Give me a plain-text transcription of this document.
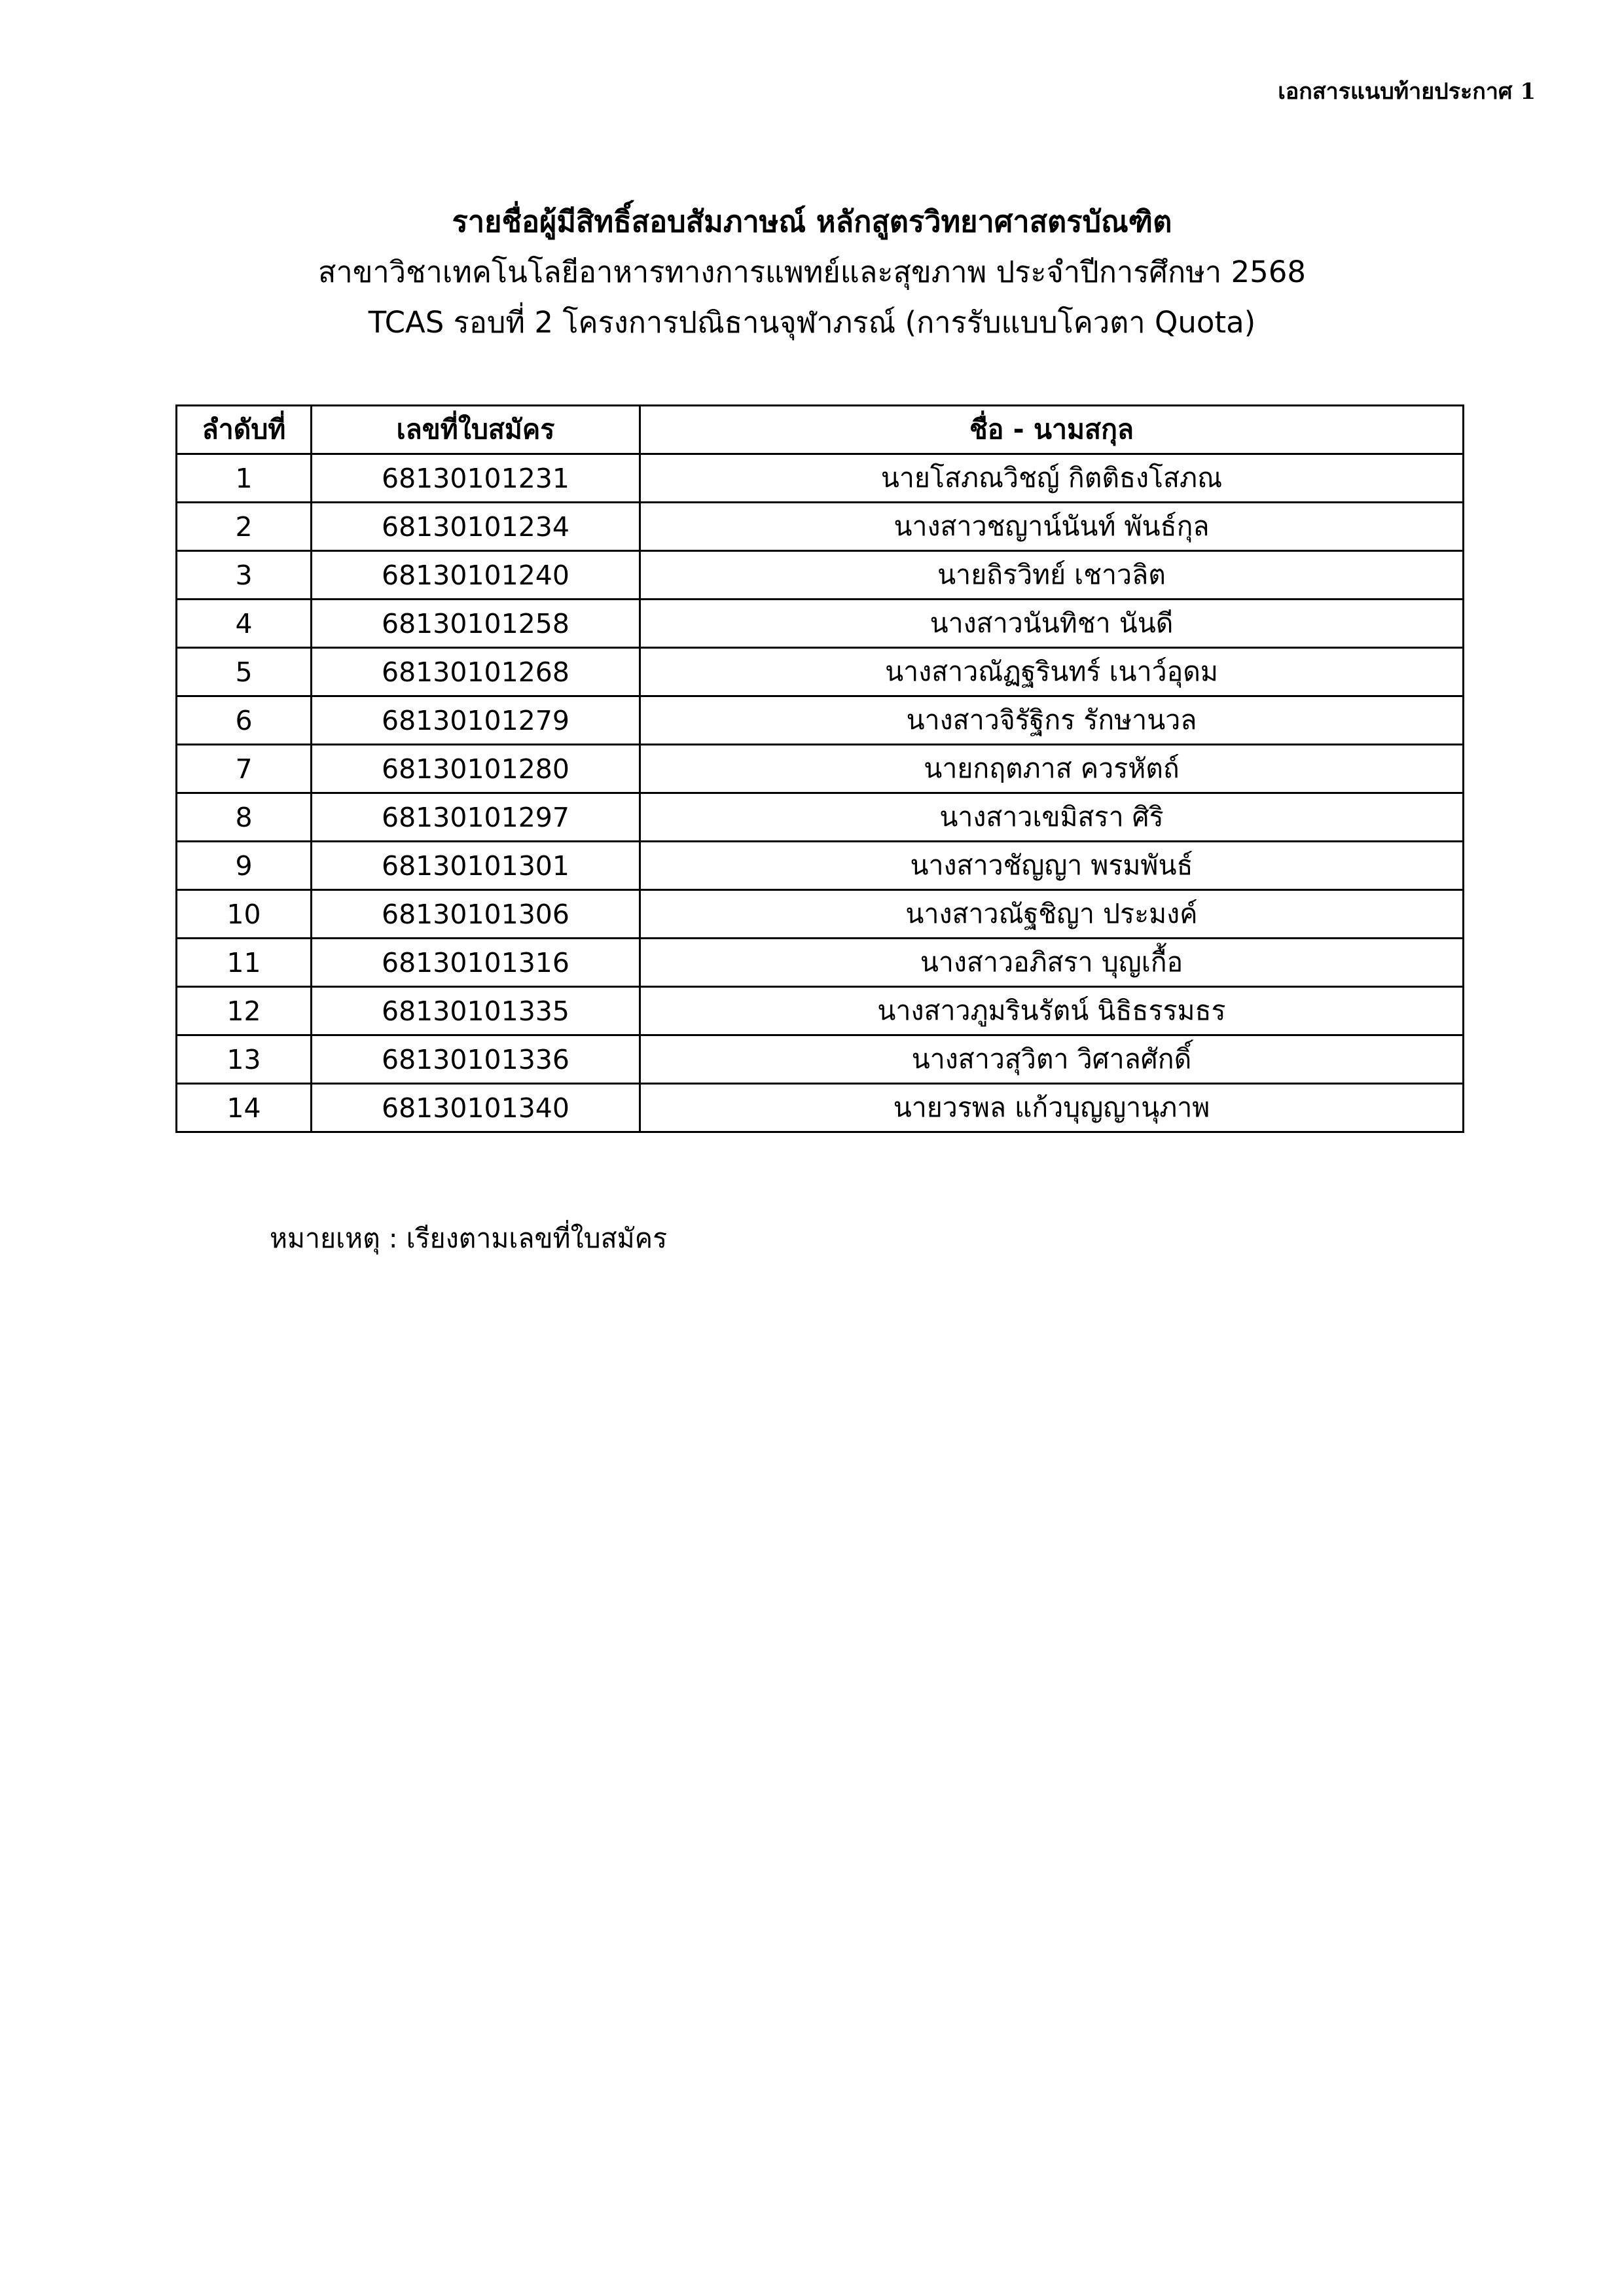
เอกสารแนบท้ายประกาศ 1
รายชื่อผู้มีสิทธิ์สอบสัมภาษณ์ หลักสูตรวิทยาศาสตรบัณฑิต
สาขาวิชาเทคโนโลยีอาหารทางการแพทย์และสุขภาพ ประจำปีการศึกษา 2568
TCAS รอบที่ 2 โครงการปณิธานจุฬาภรณ์ (การรับแบบโควตา Quota)
ลำดับที่	เลขที่ใบสมัคร	ชื่อ - นามสกุล
1	68130101231	นายโสภณวิชญ์ กิตติธงโสภณ
2	68130101234	นางสาวชญาน์นันท์ พันธ์กุล
3	68130101240	นายถิรวิทย์ เชาวลิต
4	68130101258	นางสาวนันทิชา นันดี
5	68130101268	นางสาวณัฏฐรินทร์ เนาว์อุดม
6	68130101279	นางสาวจิรัฐิกร รักษานวล
7	68130101280	นายกฤตภาส ควรหัตถ์
8	68130101297	นางสาวเขมิสรา ศิริ
9	68130101301	นางสาวชัญญา พรมพันธ์
10	68130101306	นางสาวณัฐชิญา ประมงค์
11	68130101316	นางสาวอภิสรา บุญเกื้อ
12	68130101335	นางสาวภูมรินรัตน์ นิธิธรรมธร
13	68130101336	นางสาวสุวิตา วิศาลศักดิ์
14	68130101340	นายวรพล แก้วบุญญานุภาพ
หมายเหตุ : เรียงตามเลขที่ใบสมัคร
